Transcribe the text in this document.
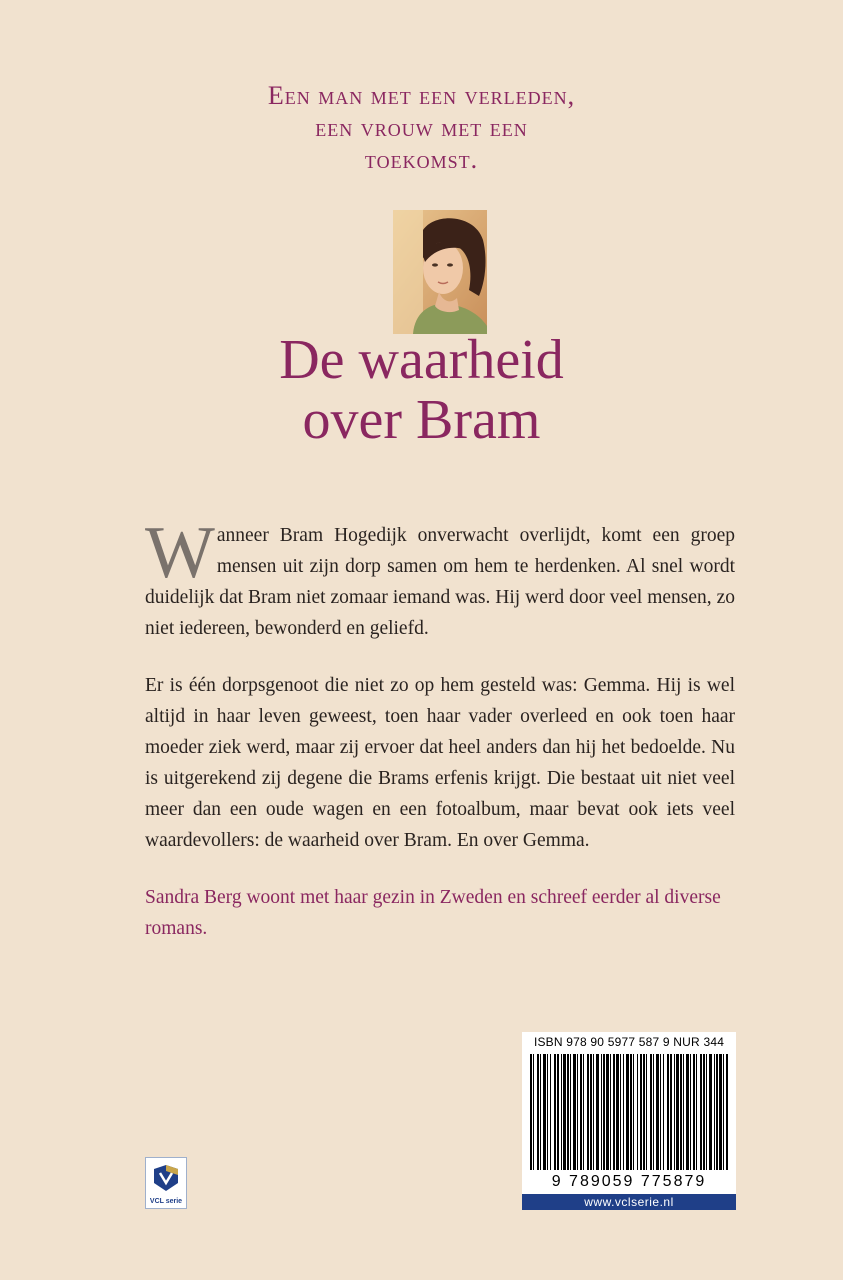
Een man met een verleden,
een vrouw met een
toekomst.
De waarheid
over Bram

Wanneer Bram Hogedijk onverwacht overlijdt, komt een groep mensen uit zijn dorp samen om hem te herdenken. Al snel wordt duidelijk dat Bram niet zomaar iemand was. Hij werd door veel mensen, zo niet iedereen, bewonderd en geliefd.

Er is één dorpsgenoot die niet zo op hem gesteld was: Gemma. Hij is wel altijd in haar leven geweest, toen haar vader overleed en ook toen haar moeder ziek werd, maar zij ervoer dat heel anders dan hij het bedoelde. Nu is uitgerekend zij degene die Brams erfenis krijgt. Die bestaat uit niet veel meer dan een oude wagen en een fotoalbum, maar bevat ook iets veel waardevollers: de waarheid over Bram. En over Gemma.

Sandra Berg woont met haar gezin in Zweden en schreef eerder al diverse romans.

ISBN 978 90 5977 587 9 NUR 344
9 789059 775879
www.vclserie.nl
VCL serie
